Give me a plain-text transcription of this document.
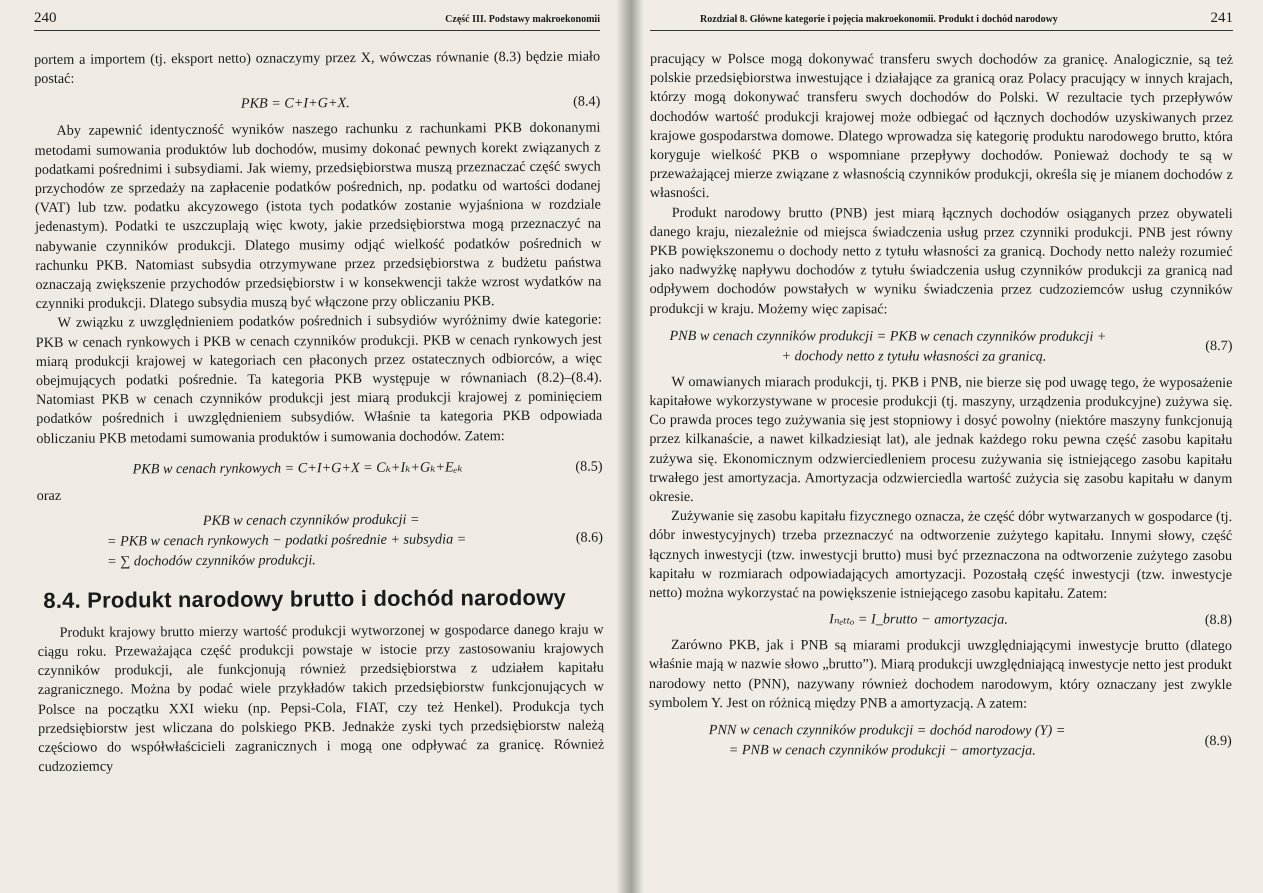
240	Część III. Podstawy makroekonomii

portem a importem (tj. eksport netto) oznaczymy przez X, wówczas równanie (8.3) będzie miało postać:

PKB = C+I+G+X.	(8.4)

Aby zapewnić identyczność wyników naszego rachunku z rachunkami PKB dokonanymi metodami sumowania produktów lub dochodów, musimy dokonać pewnych korekt związanych z podatkami pośrednimi i subsydiami. Jak wiemy, przedsiębiorstwa muszą przeznaczać część swych przychodów ze sprzedaży na zapłacenie podatków pośrednich, np. podatku od wartości dodanej (VAT) lub tzw. podatku akcyzowego (istota tych podatków zostanie wyjaśniona w rozdziale jedenastym). Podatki te uszczuplają więc kwoty, jakie przedsiębiorstwa mogą przeznaczyć na nabywanie czynników produkcji. Dlatego musimy odjąć wielkość podatków pośrednich w rachunku PKB. Natomiast subsydia otrzymywane przez przedsiębiorstwa z budżetu państwa oznaczają zwiększenie przychodów przedsiębiorstw i w konsekwencji także wzrost wydatków na czynniki produkcji. Dlatego subsydia muszą być włączone przy obliczaniu PKB.

W związku z uwzględnieniem podatków pośrednich i subsydiów wyróżnimy dwie kategorie: PKB w cenach rynkowych i PKB w cenach czynników produkcji. PKB w cenach rynkowych jest miarą produkcji krajowej w kategoriach cen płaconych przez ostatecznych odbiorców, a więc obejmujących podatki pośrednie. Ta kategoria PKB występuje w równaniach (8.2)–(8.4). Natomiast PKB w cenach czynników produkcji jest miarą produkcji krajowej z pominięciem podatków pośrednich i uwzględnieniem subsydiów. Właśnie ta kategoria PKB odpowiada obliczaniu PKB metodami sumowania produktów i sumowania dochodów. Zatem:

PKB w cenach rynkowych = C+I+G+X = Cₖ+Iₖ+Gₖ+Eₑₖ	(8.5)
oraz
PKB w cenach czynników produkcji =
= PKB w cenach rynkowych − podatki pośrednie + subsydia =
= ∑ dochodów czynników produkcji.
(8.6)
8.4. Produkt narodowy brutto i dochód narodowy

Produkt krajowy brutto mierzy wartość produkcji wytworzonej w gospodarce danego kraju w ciągu roku. Przeważająca część produkcji powstaje w istocie przy zastosowaniu krajowych czynników produkcji, ale funkcjonują również przedsiębiorstwa z udziałem kapitału zagranicznego. Można by podać wiele przykładów takich przedsiębiorstw funkcjonujących w Polsce na początku XXI wieku (np. Pepsi-Cola, FIAT, czy też Henkel). Produkcja tych przedsiębiorstw jest wliczana do polskiego PKB. Jednakże zyski tych przedsiębiorstw należą częściowo do współwłaścicieli zagranicznych i mogą one odpływać za granicę. Również cudzoziemcy

Rozdział 8. Główne kategorie i pojęcia makroekonomii. Produkt i dochód narodowy	241

pracujący w Polsce mogą dokonywać transferu swych dochodów za granicę. Analogicznie, są też polskie przedsiębiorstwa inwestujące i działające za granicą oraz Polacy pracujący w innych krajach, którzy mogą dokonywać transferu swych dochodów do Polski. W rezultacie tych przepływów dochodów wartość produkcji krajowej może odbiegać od łącznych dochodów uzyskiwanych przez krajowe gospodarstwa domowe. Dlatego wprowadza się kategorię produktu narodowego brutto, która koryguje wielkość PKB o wspomniane przepływy dochodów. Ponieważ dochody te są w przeważającej mierze związane z własnością czynników produkcji, określa się je mianem dochodów z własności.

Produkt narodowy brutto (PNB) jest miarą łącznych dochodów osiąganych przez obywateli danego kraju, niezależnie od miejsca świadczenia usług przez czynniki produkcji. PNB jest równy PKB powiększonemu o dochody netto z tytułu własności za granicą. Dochody netto należy rozumieć jako nadwyżkę napływu dochodów z tytułu świadczenia usług czynników produkcji za granicą nad odpływem dochodów powstałych w wyniku świadczenia przez cudzoziemców usług czynników produkcji w kraju. Możemy więc zapisać:

PNB w cenach czynników produkcji = PKB w cenach czynników produkcji +
+ dochody netto z tytułu własności za granicą.
(8.7)

W omawianych miarach produkcji, tj. PKB i PNB, nie bierze się pod uwagę tego, że wyposażenie kapitałowe wykorzystywane w procesie produkcji (tj. maszyny, urządzenia produkcyjne) zużywa się. Co prawda proces tego zużywania się jest stopniowy i dosyć powolny (niektóre maszyny funkcjonują przez kilkanaście, a nawet kilkadziesiąt lat), ale jednak każdego roku pewna część zasobu kapitału zużywa się. Ekonomicznym odzwierciedleniem procesu zużywania się istniejącego zasobu kapitału trwałego jest amortyzacja. Amortyzacja odzwierciedla wartość zużycia się zasobu kapitału w danym okresie.

Zużywanie się zasobu kapitału fizycznego oznacza, że część dóbr wytwarzanych w gospodarce (tj. dóbr inwestycyjnych) trzeba przeznaczyć na odtworzenie zużytego kapitału. Innymi słowy, część łącznych inwestycji (tzw. inwestycji brutto) musi być przeznaczona na odtworzenie zużytego zasobu kapitału w rozmiarach odpowiadających amortyzacji. Pozostałą część inwestycji (tzw. inwestycje netto) można wykorzystać na powiększenie istniejącego zasobu kapitału. Zatem:

Iₙₑₜₜₒ = I_brutto − amortyzacja.	(8.8)

Zarówno PKB, jak i PNB są miarami produkcji uwzględniającymi inwestycje brutto (dlatego właśnie mają w nazwie słowo „brutto”). Miarą produkcji uwzględniającą inwestycje netto jest produkt narodowy netto (PNN), nazywany również dochodem narodowym, który oznaczany jest zwykle symbolem Y. Jest on różnicą między PNB a amortyzacją. A zatem:

PNN w cenach czynników produkcji = dochód narodowy (Y) =
= PNB w cenach czynników produkcji − amortyzacja.
(8.9)
